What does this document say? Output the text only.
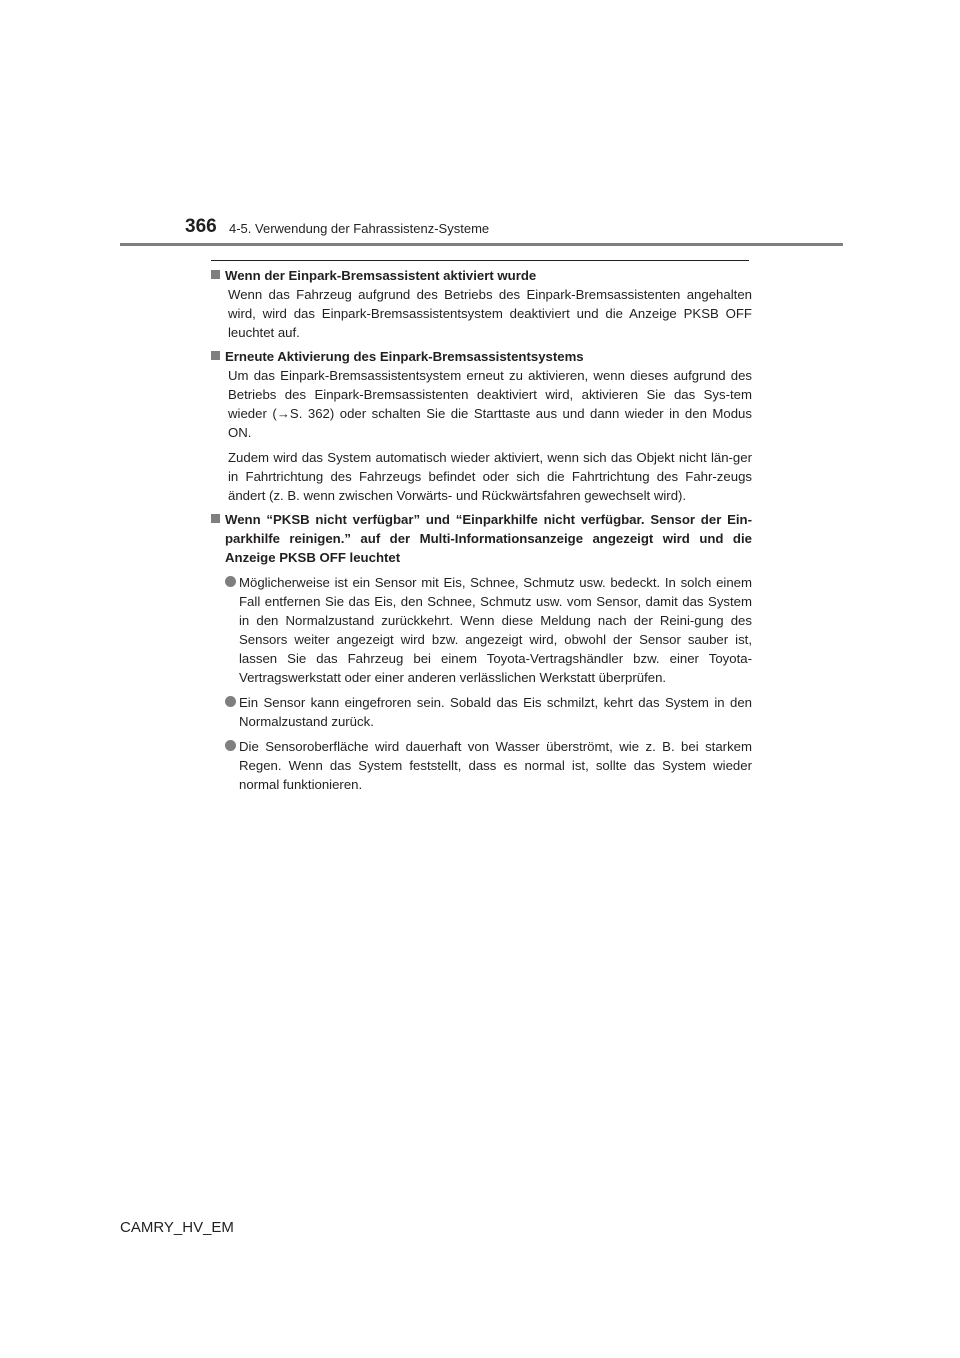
366 4-5. Verwendung der Fahrassistenz-Systeme
Wenn der Einpark-Bremsassistent aktiviert wurde
Wenn das Fahrzeug aufgrund des Betriebs des Einpark-Bremsassistenten angehalten wird, wird das Einpark-Bremsassistentsystem deaktiviert und die Anzeige PKSB OFF leuchtet auf.
Erneute Aktivierung des Einpark-Bremsassistentsystems
Um das Einpark-Bremsassistentsystem erneut zu aktivieren, wenn dieses aufgrund des Betriebs des Einpark-Bremsassistenten deaktiviert wird, aktivieren Sie das Sys-tem wieder (→S. 362) oder schalten Sie die Starttaste aus und dann wieder in den Modus ON.
Zudem wird das System automatisch wieder aktiviert, wenn sich das Objekt nicht län-ger in Fahrtrichtung des Fahrzeugs befindet oder sich die Fahrtrichtung des Fahr-zeugs ändert (z. B. wenn zwischen Vorwärts- und Rückwärtsfahren gewechselt wird).
Wenn “PKSB nicht verfügbar” und “Einparkhilfe nicht verfügbar. Sensor der Ein-parkhilfe reinigen.” auf der Multi-Informationsanzeige angezeigt wird und die Anzeige PKSB OFF leuchtet
Möglicherweise ist ein Sensor mit Eis, Schnee, Schmutz usw. bedeckt. In solch einem Fall entfernen Sie das Eis, den Schnee, Schmutz usw. vom Sensor, damit das System in den Normalzustand zurückkehrt. Wenn diese Meldung nach der Reini-gung des Sensors weiter angezeigt wird bzw. angezeigt wird, obwohl der Sensor sauber ist, lassen Sie das Fahrzeug bei einem Toyota-Vertragshändler bzw. einer Toyota-Vertragswerkstatt oder einer anderen verlässlichen Werkstatt überprüfen.
Ein Sensor kann eingefroren sein. Sobald das Eis schmilzt, kehrt das System in den Normalzustand zurück.
Die Sensoroberfläche wird dauerhaft von Wasser überströmt, wie z. B. bei starkem Regen. Wenn das System feststellt, dass es normal ist, sollte das System wieder normal funktionieren.
CAMRY_HV_EM
